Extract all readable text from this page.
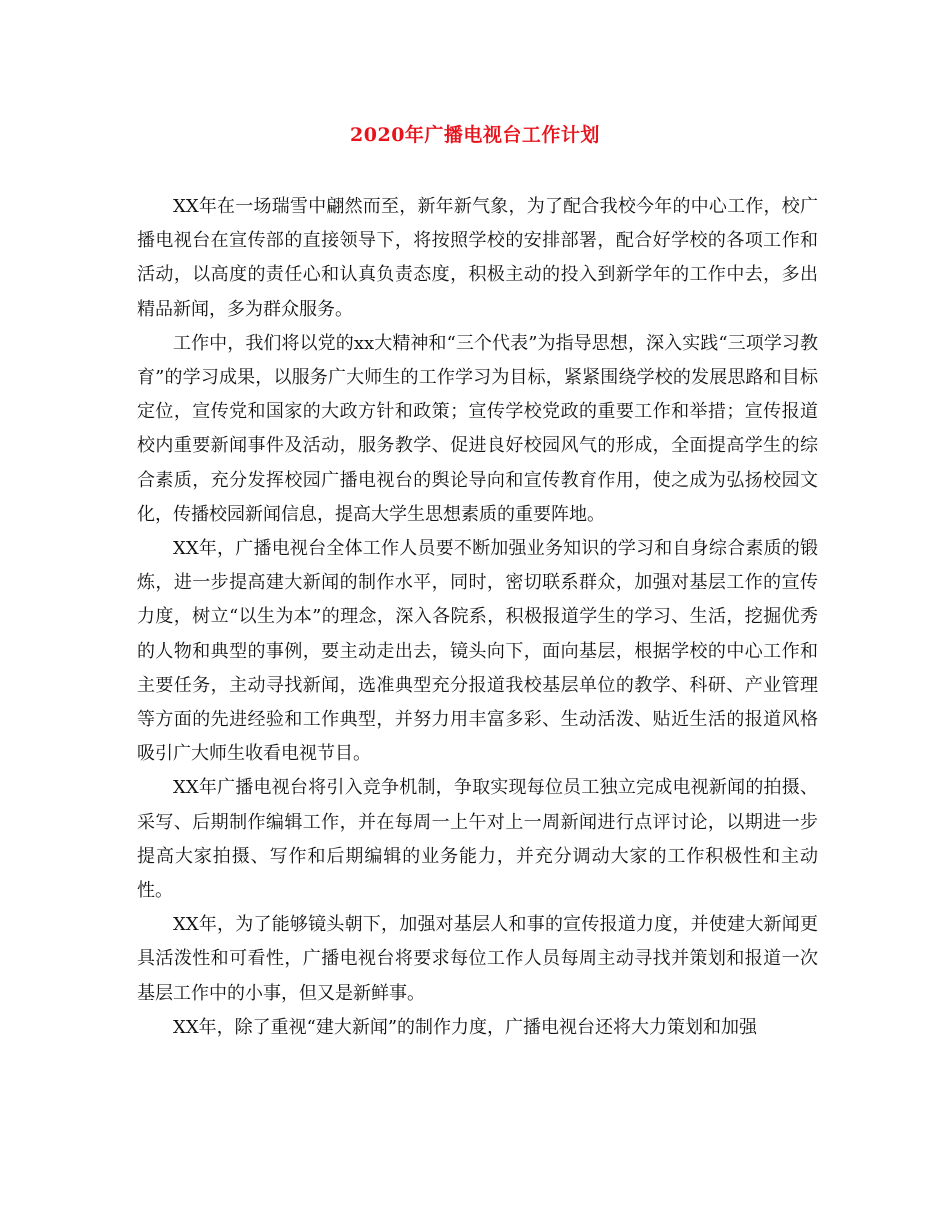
2020年广播电视台工作计划

XX年在一场瑞雪中翩然而至，新年新气象，为了配合我校今年的中心工作，校广播电视台在宣传部的直接领导下，将按照学校的安排部署，配合好学校的各项工作和活动，以高度的责任心和认真负责态度，积极主动的投入到新学年的工作中去，多出精品新闻，多为群众服务。

工作中，我们将以党的xx大精神和“三个代表”为指导思想，深入实践“三项学习教育”的学习成果，以服务广大师生的工作学习为目标，紧紧围绕学校的发展思路和目标定位，宣传党和国家的大政方针和政策；宣传学校党政的重要工作和举措；宣传报道校内重要新闻事件及活动，服务教学、促进良好校园风气的形成，全面提高学生的综合素质，充分发挥校园广播电视台的舆论导向和宣传教育作用，使之成为弘扬校园文化，传播校园新闻信息，提高大学生思想素质的重要阵地。

XX年，广播电视台全体工作人员要不断加强业务知识的学习和自身综合素质的锻炼，进一步提高建大新闻的制作水平，同时，密切联系群众，加强对基层工作的宣传力度，树立“以生为本”的理念，深入各院系，积极报道学生的学习、生活，挖掘优秀的人物和典型的事例，要主动走出去，镜头向下，面向基层，根据学校的中心工作和主要任务，主动寻找新闻，选准典型充分报道我校基层单位的教学、科研、产业管理等方面的先进经验和工作典型，并努力用丰富多彩、生动活泼、贴近生活的报道风格吸引广大师生收看电视节目。

XX年广播电视台将引入竞争机制，争取实现每位员工独立完成电视新闻的拍摄、采写、后期制作编辑工作，并在每周一上午对上一周新闻进行点评讨论，以期进一步提高大家拍摄、写作和后期编辑的业务能力，并充分调动大家的工作积极性和主动性。

XX年，为了能够镜头朝下，加强对基层人和事的宣传报道力度，并使建大新闻更具活泼性和可看性，广播电视台将要求每位工作人员每周主动寻找并策划和报道一次基层工作中的小事，但又是新鲜事。

XX年，除了重视“建大新闻”的制作力度，广播电视台还将大力策划和加强
